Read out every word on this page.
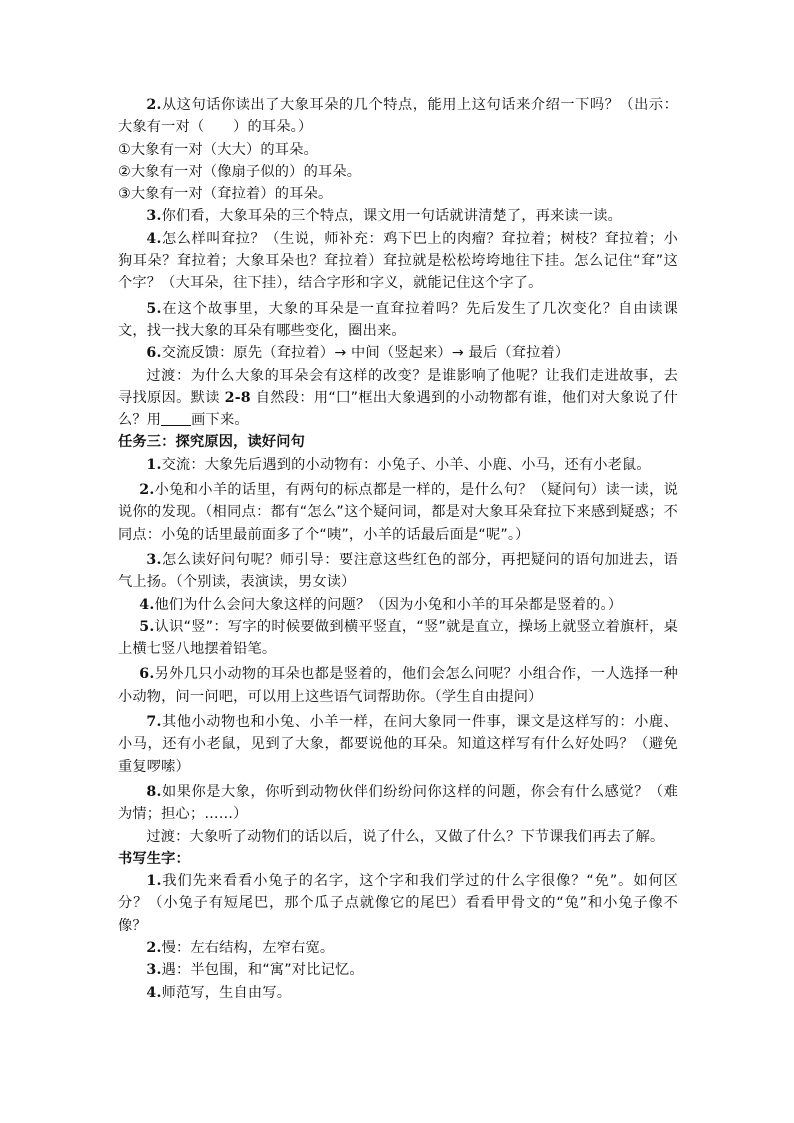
2.从这句话你读出了大象耳朵的几个特点，能用上这句话来介绍一下吗？（出示：大象有一对（　　）的耳朵。）

①大象有一对（大大）的耳朵。

②大象有一对（像扇子似的）的耳朵。

③大象有一对（耷拉着）的耳朵。

3.你们看，大象耳朵的三个特点，课文用一句话就讲清楚了，再来读一读。

4.怎么样叫耷拉？（生说，师补充：鸡下巴上的肉瘤？耷拉着；树枝？耷拉着；小狗耳朵？耷拉着；大象耳朵也？耷拉着）耷拉就是松松垮垮地往下挂。怎么记住“耷”这个字？（大耳朵，往下挂），结合字形和字义，就能记住这个字了。

5.在这个故事里，大象的耳朵是一直耷拉着吗？先后发生了几次变化？自由读课文，找一找大象的耳朵有哪些变化，圈出来。

6.交流反馈：原先（耷拉着）→ 中间（竖起来）→ 最后（耷拉着）

过渡：为什么大象的耳朵会有这样的改变？是谁影响了他呢？让我们走进故事，去寻找原因。默读 2-8 自然段：用“囗”框出大象遇到的小动物都有谁，他们对大象说了什么？用 画下来。

任务三：探究原因，读好问句

1.交流：大象先后遇到的小动物有：小兔子、小羊、小鹿、小马，还有小老鼠。

2.小兔和小羊的话里，有两句的标点都是一样的，是什么句？（疑问句）读一读，说说你的发现。（相同点：都有“怎么”这个疑问词，都是对大象耳朵耷拉下来感到疑惑；不同点：小兔的话里最前面多了个“咦”，小羊的话最后面是“呢”。）

3.怎么读好问句呢？师引导：要注意这些红色的部分，再把疑问的语句加进去，语气上扬。（个别读，表演读，男女读）

4.他们为什么会问大象这样的问题？（因为小兔和小羊的耳朵都是竖着的。）

5.认识“竖”：写字的时候要做到横平竖直，“竖”就是直立，操场上就竖立着旗杆，桌上横七竖八地摆着铅笔。

6.另外几只小动物的耳朵也都是竖着的，他们会怎么问呢？小组合作，一人选择一种小动物，问一问吧，可以用上这些语气词帮助你。（学生自由提问）

7.其他小动物也和小兔、小羊一样，在问大象同一件事，课文是这样写的：小鹿、小马，还有小老鼠，见到了大象，都要说他的耳朵。知道这样写有什么好处吗？（避免重复啰嗦）

8.如果你是大象，你听到动物伙伴们纷纷问你这样的问题，你会有什么感觉？（难为情；担心；……）

过渡：大象听了动物们的话以后，说了什么，又做了什么？下节课我们再去了解。

书写生字：

1.我们先来看看小兔子的名字，这个字和我们学过的什么字很像？“免”。如何区分？（小兔子有短尾巴，那个瓜子点就像它的尾巴）看看甲骨文的“兔”和小兔子像不像？

2.慢：左右结构，左窄右宽。

3.遇：半包围，和“寓”对比记忆。

4.师范写，生自由写。
